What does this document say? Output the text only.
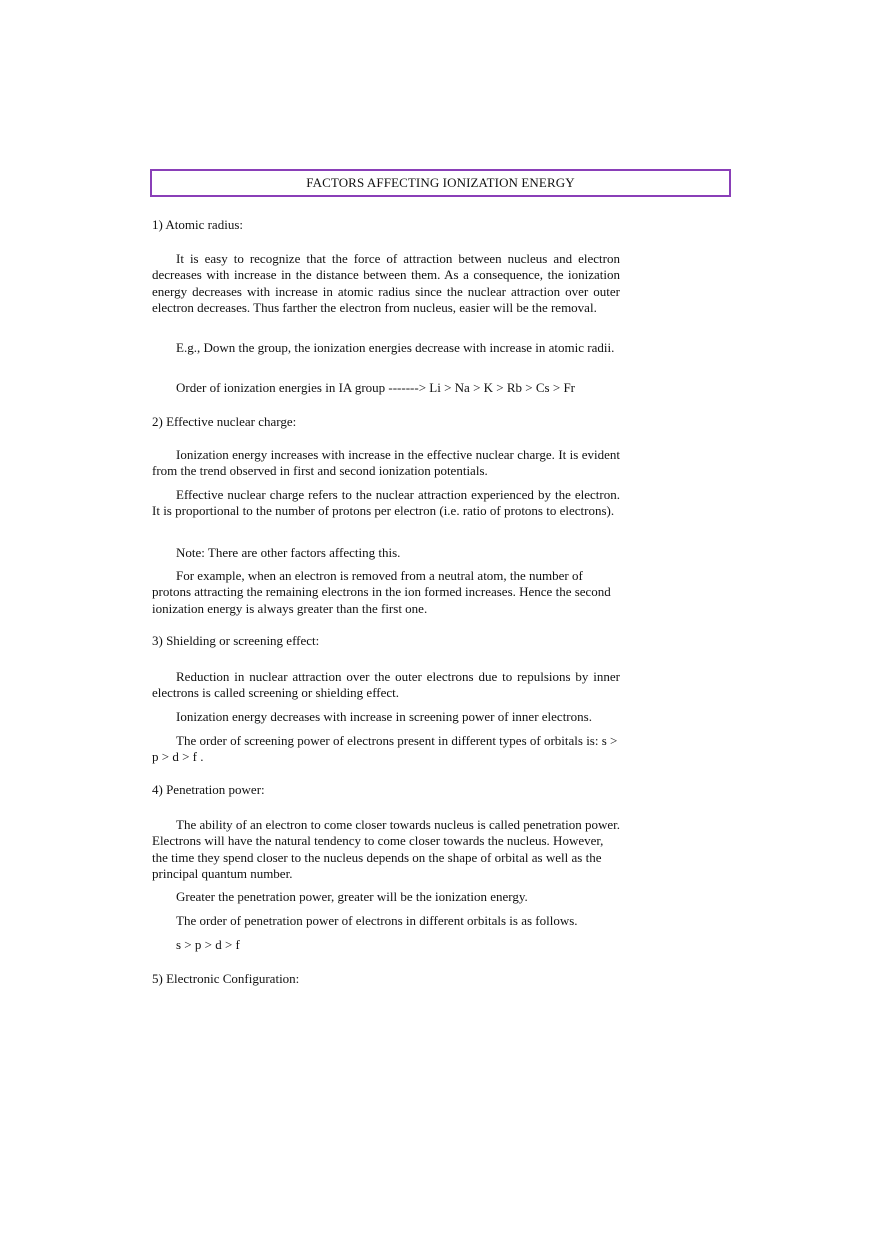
FACTORS AFFECTING IONIZATION ENERGY
1) Atomic radius:

It is easy to recognize that the force of attraction between nucleus and electron decreases with increase in the distance between them. As a consequence, the ionization energy decreases with increase in atomic radius since the nuclear attraction over outer electron decreases. Thus farther the electron from nucleus, easier will be the removal.

E.g., Down the group, the ionization energies decrease with increase in atomic radii.

Order of ionization energies in IA group -------> Li > Na > K > Rb > Cs > Fr

2) Effective nuclear charge:

Ionization energy increases with increase in the effective nuclear charge. It is evident from the trend observed in first and second ionization potentials.

Effective nuclear charge refers to the nuclear attraction experienced by the electron. It is proportional to the number of protons per electron (i.e. ratio of protons to electrons).

Note: There are other factors affecting this.

For example, when an electron is removed from a neutral atom, the number of protons attracting the remaining electrons in the ion formed increases. Hence the second ionization energy is always greater than the first one.

3) Shielding or screening effect:

Reduction in nuclear attraction over the outer electrons due to repulsions by inner electrons is called screening or shielding effect.

Ionization energy decreases with increase in screening power of inner electrons.

The order of screening power of electrons present in different types of orbitals is: s > p > d > f .

4) Penetration power:

The ability of an electron to come closer towards nucleus is called penetration power. Electrons will have the natural tendency to come closer towards the nucleus. However, the time they spend closer to the nucleus depends on the shape of orbital as well as the principal quantum number.

Greater the penetration power, greater will be the ionization energy.

The order of penetration power of electrons in different orbitals is as follows.

s > p > d > f

5) Electronic Configuration:
